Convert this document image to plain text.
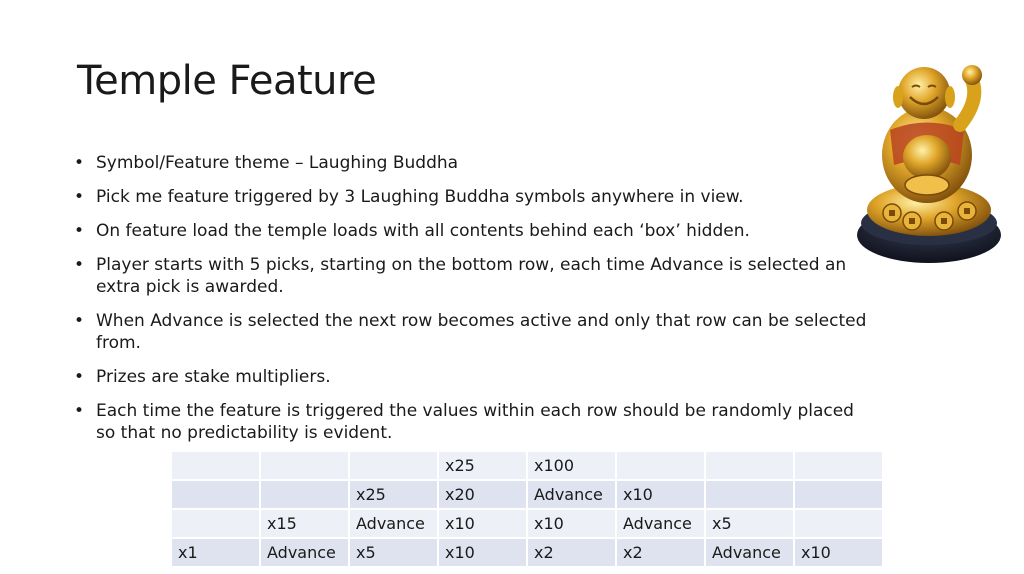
Temple Feature
• Symbol/Feature theme – Laughing Buddha
• Pick me feature triggered by 3 Laughing Buddha symbols anywhere in view.
• On feature load the temple loads with all contents behind each ‘box’ hidden.
• Player starts with 5 picks, starting on the bottom row, each time Advance is selected an extra pick is awarded.
• When Advance is selected the next row becomes active and only that row can be selected from.
• Prizes are stake multipliers.
• Each time the feature is triggered the values within each row should be randomly placed so that no predictability is evident.
			x25	x100			
		x25	x20	Advance	x10		
	x15	Advance	x10	x10	Advance	x5	
x1	Advance	x5	x10	x2	x2	Advance	x10
